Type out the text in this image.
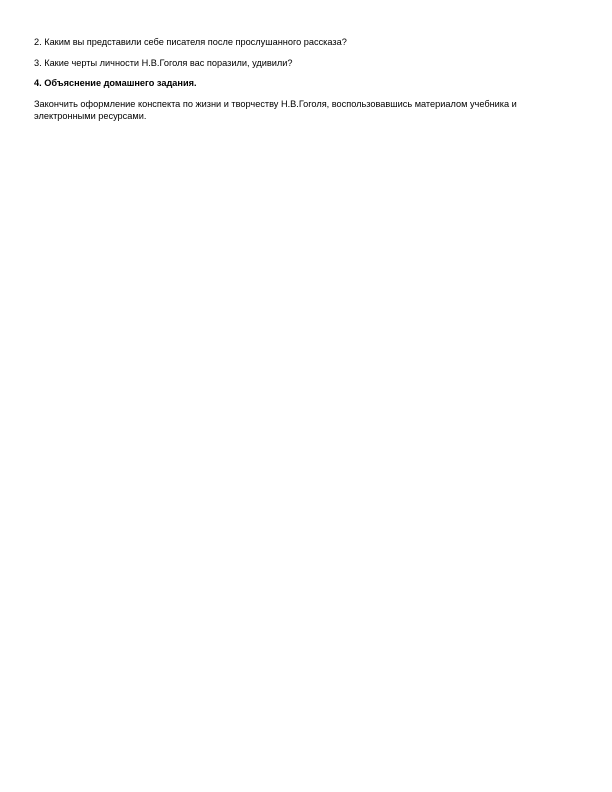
2. Каким вы представили себе писателя после прослушанного рассказа?

3. Какие черты личности Н.В.Гоголя вас поразили, удивили?

4. Объяснение домашнего задания.

Закончить оформление конспекта по жизни и творчеству Н.В.Гоголя, воспользовавшись материалом учебника и электронными ресурсами.
